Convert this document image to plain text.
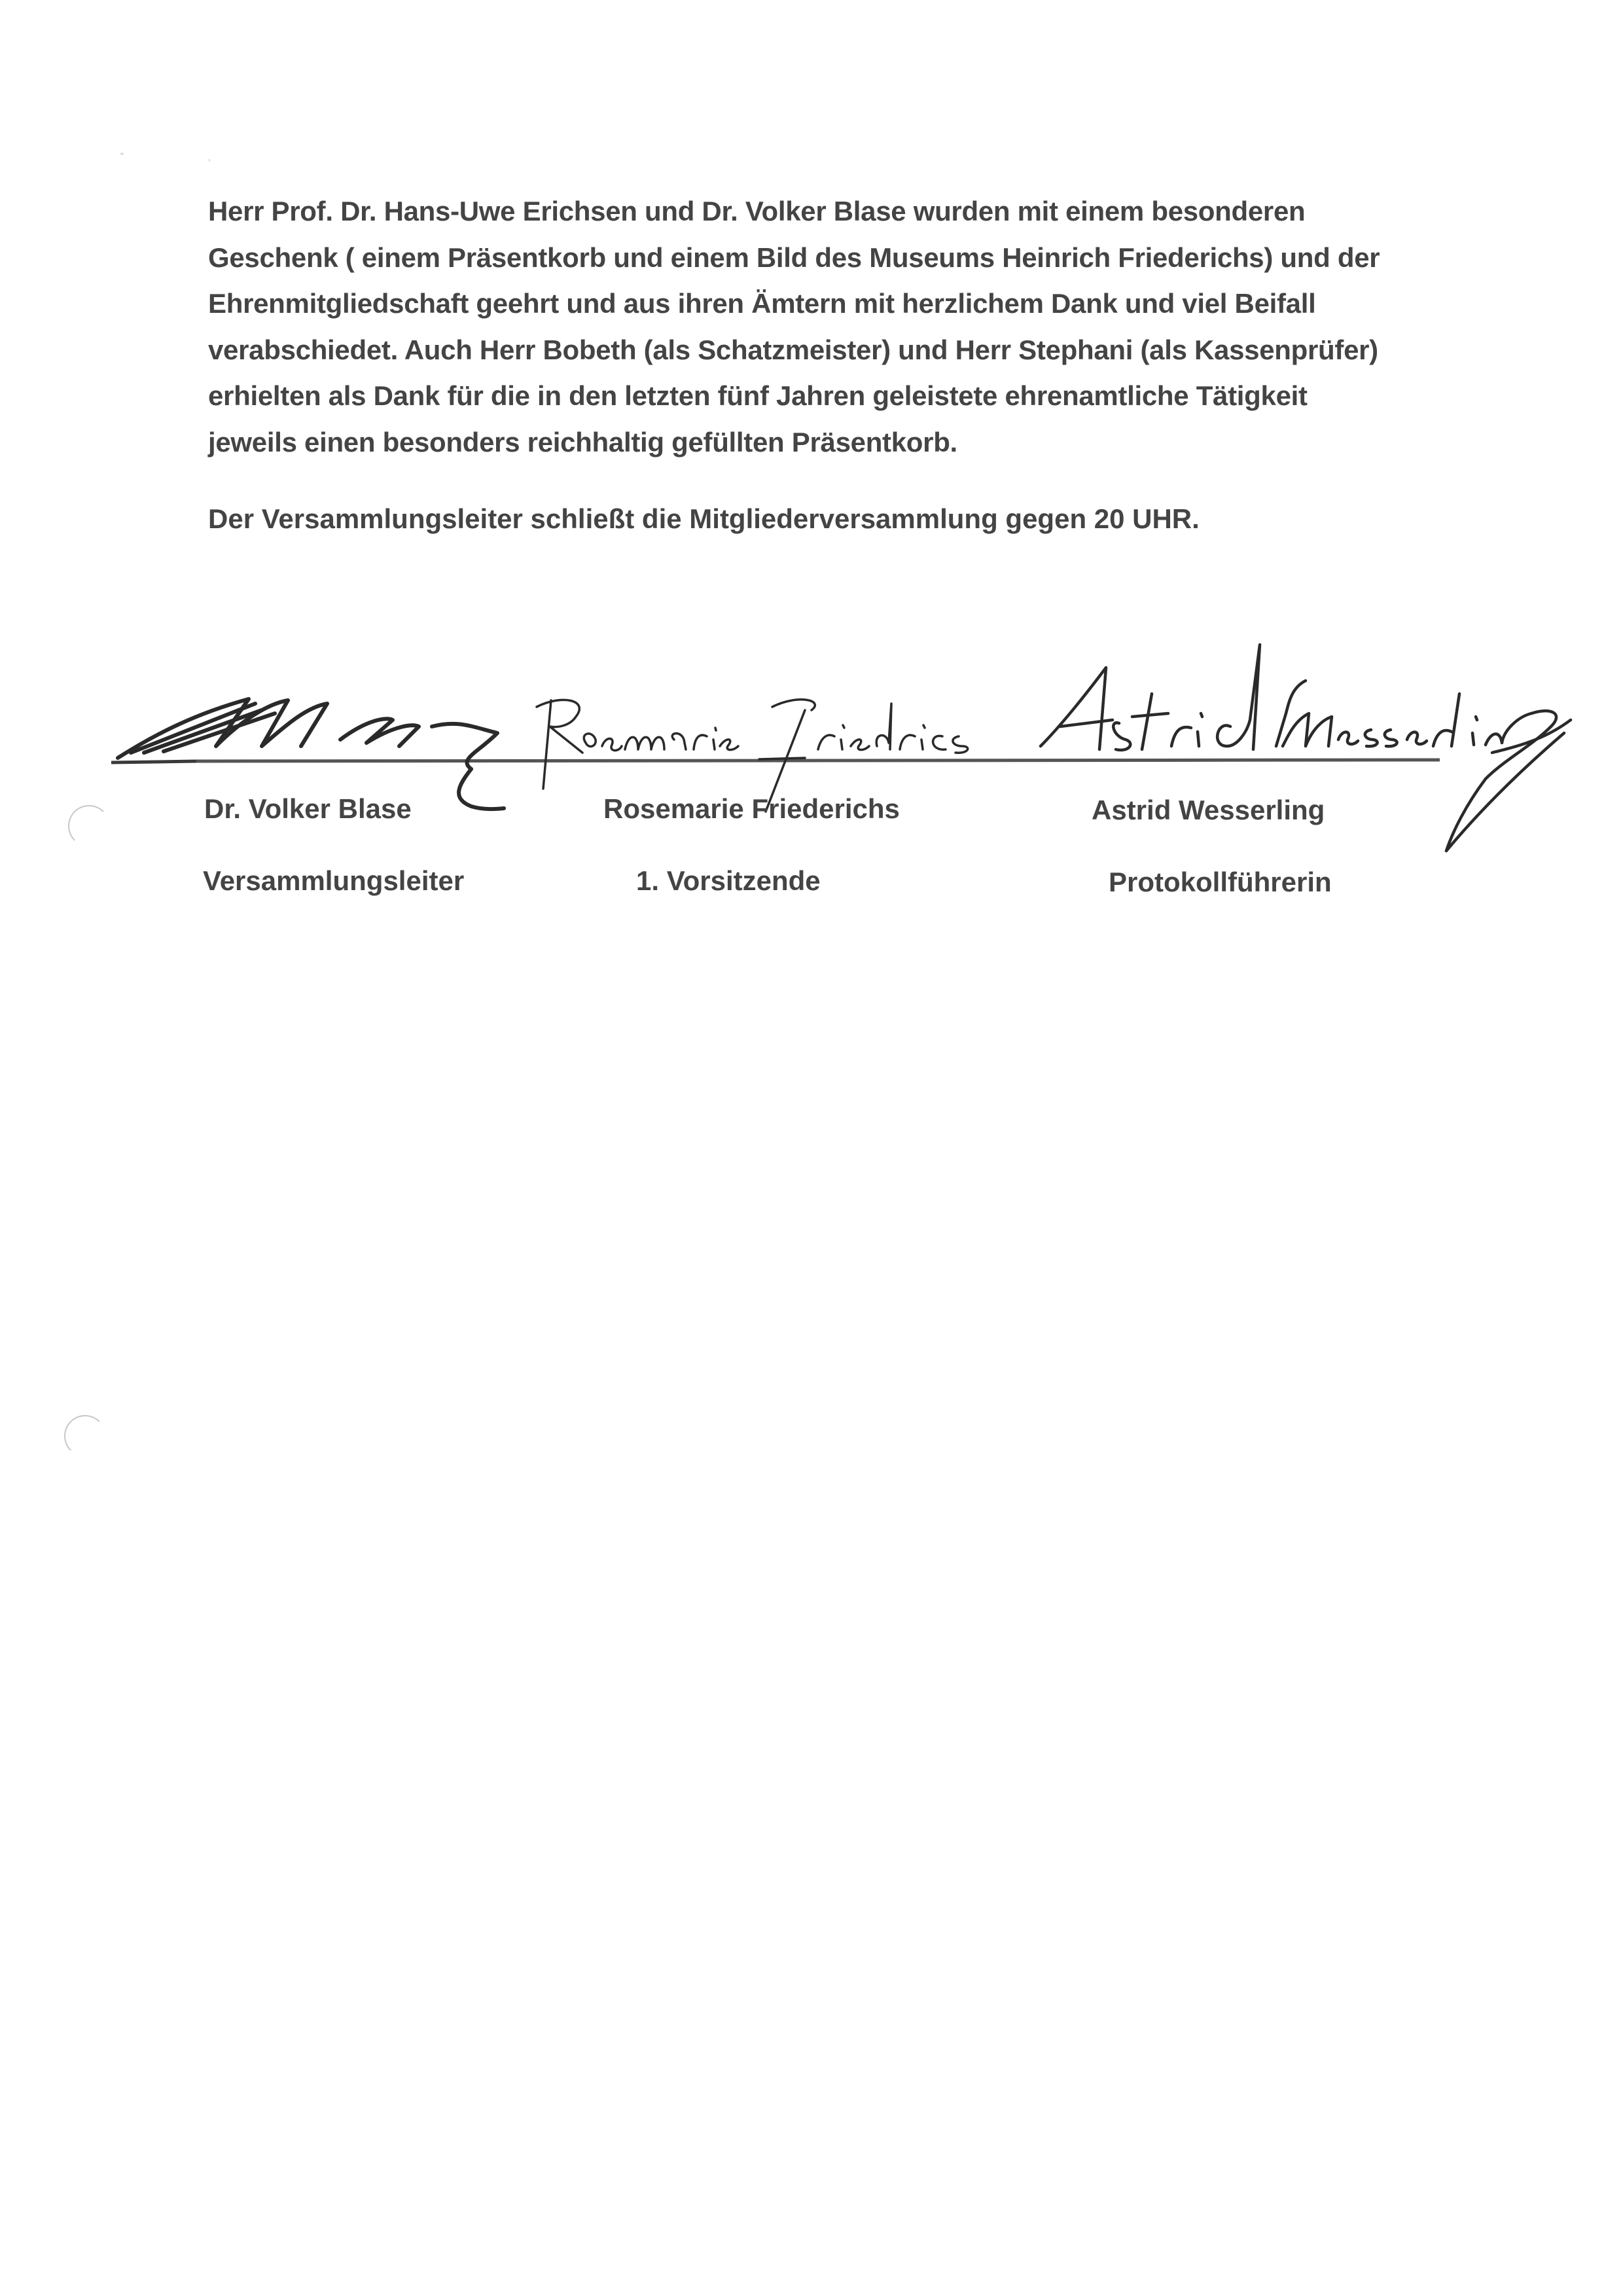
"	,

Herr Prof. Dr. Hans-Uwe Erichsen und Dr. Volker Blase wurden mit einem besonderen

Geschenk ( einem Präsentkorb und einem Bild des Museums Heinrich Friederichs) und der

Ehrenmitgliedschaft geehrt und aus ihren Ämtern mit herzlichem Dank und viel Beifall

verabschiedet. Auch Herr Bobeth (als Schatzmeister) und Herr Stephani (als Kassenprüfer)

erhielten als Dank für die in den letzten fünf Jahren geleistete ehrenamtliche Tätigkeit

jeweils einen besonders reichhaltig gefüllten Präsentkorb.

Der Versammlungsleiter schließt die Mitgliederversammlung gegen 20 UHR.
Dr. Volker Blase	Rosemarie Friederichs	Astrid Wesserling
Versammlungsleiter	1. Vorsitzende	Protokollführerin
